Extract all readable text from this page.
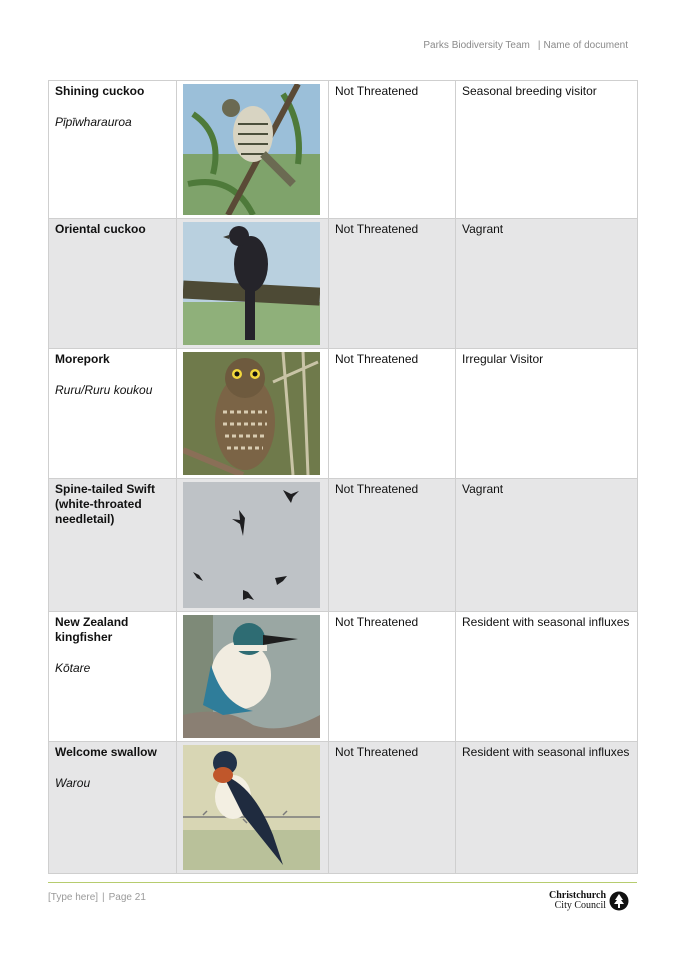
Parks Biodiversity Team | Name of document
Shining cuckoo
Pīpīwharauroa		Not Threatened	Seasonal breeding visitor

Oriental cuckoo		Not Threatened	Vagrant

Morepork
Ruru/Ruru koukou		Not Threatened	Irregular Visitor

Spine-tailed Swift (white-throated needletail)		Not Threatened	Vagrant

New Zealand kingfisher
Kōtare		Not Threatened	Resident with seasonal influxes

Welcome swallow
Warou		Not Threatened	Resident with seasonal influxes
[Type here] | Page 21	Christchurch
City Council
